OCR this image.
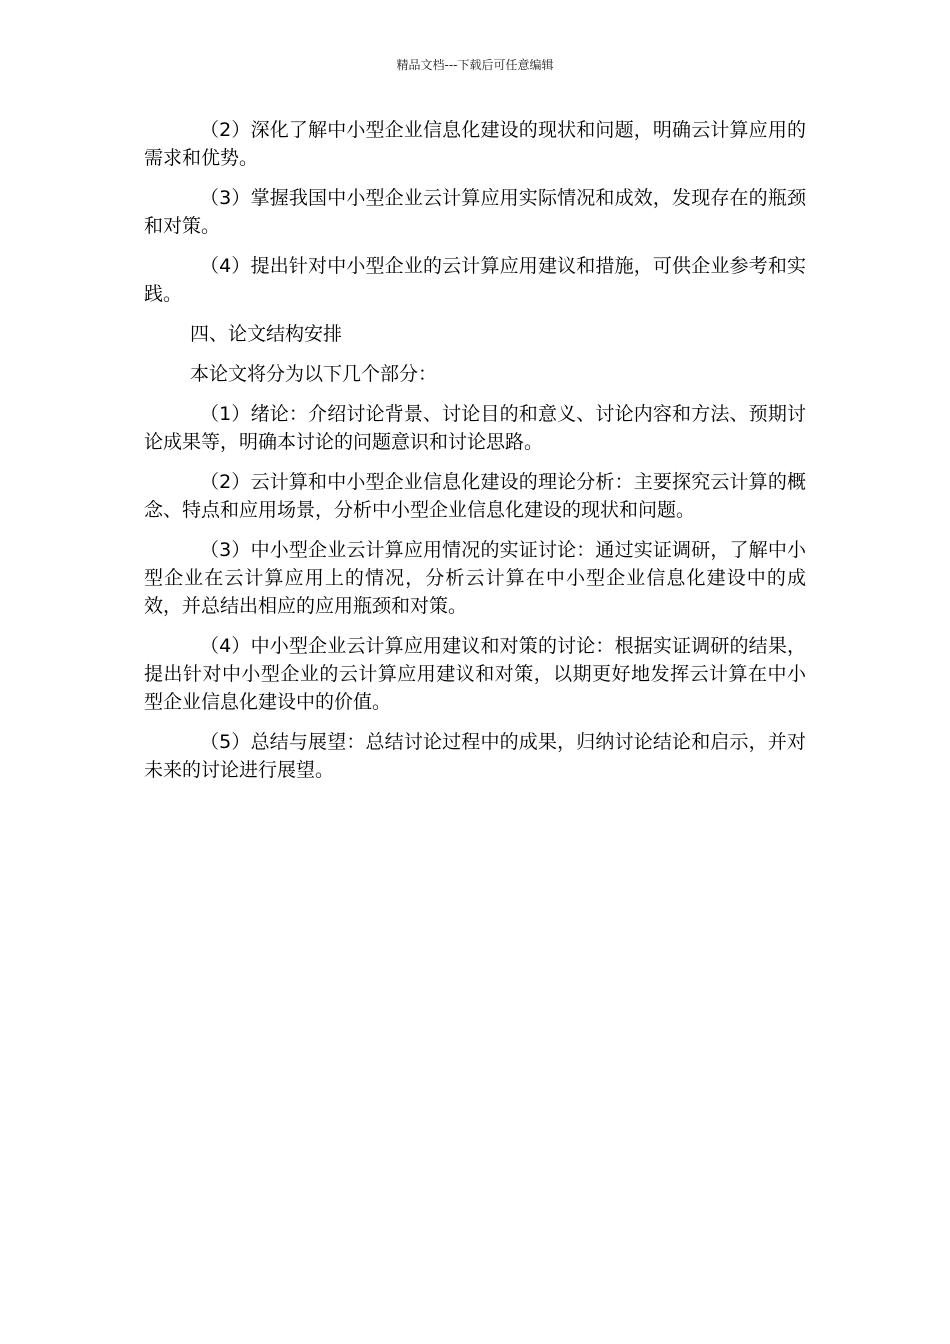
精品文档---下载后可任意编辑

（2）深化了解中小型企业信息化建设的现状和问题，明确云计算应用的需求和优势。

（3）掌握我国中小型企业云计算应用实际情况和成效，发现存在的瓶颈和对策。

（4）提出针对中小型企业的云计算应用建议和措施，可供企业参考和实践。

四、论文结构安排

本论文将分为以下几个部分：

（1）绪论：介绍讨论背景、讨论目的和意义、讨论内容和方法、预期讨论成果等，明确本讨论的问题意识和讨论思路。

（2）云计算和中小型企业信息化建设的理论分析：主要探究云计算的概念、特点和应用场景，分析中小型企业信息化建设的现状和问题。

（3）中小型企业云计算应用情况的实证讨论：通过实证调研，了解中小型企业在云计算应用上的情况，分析云计算在中小型企业信息化建设中的成效，并总结出相应的应用瓶颈和对策。

（4）中小型企业云计算应用建议和对策的讨论：根据实证调研的结果，提出针对中小型企业的云计算应用建议和对策，以期更好地发挥云计算在中小型企业信息化建设中的价值。

（5）总结与展望：总结讨论过程中的成果，归纳讨论结论和启示，并对未来的讨论进行展望。
